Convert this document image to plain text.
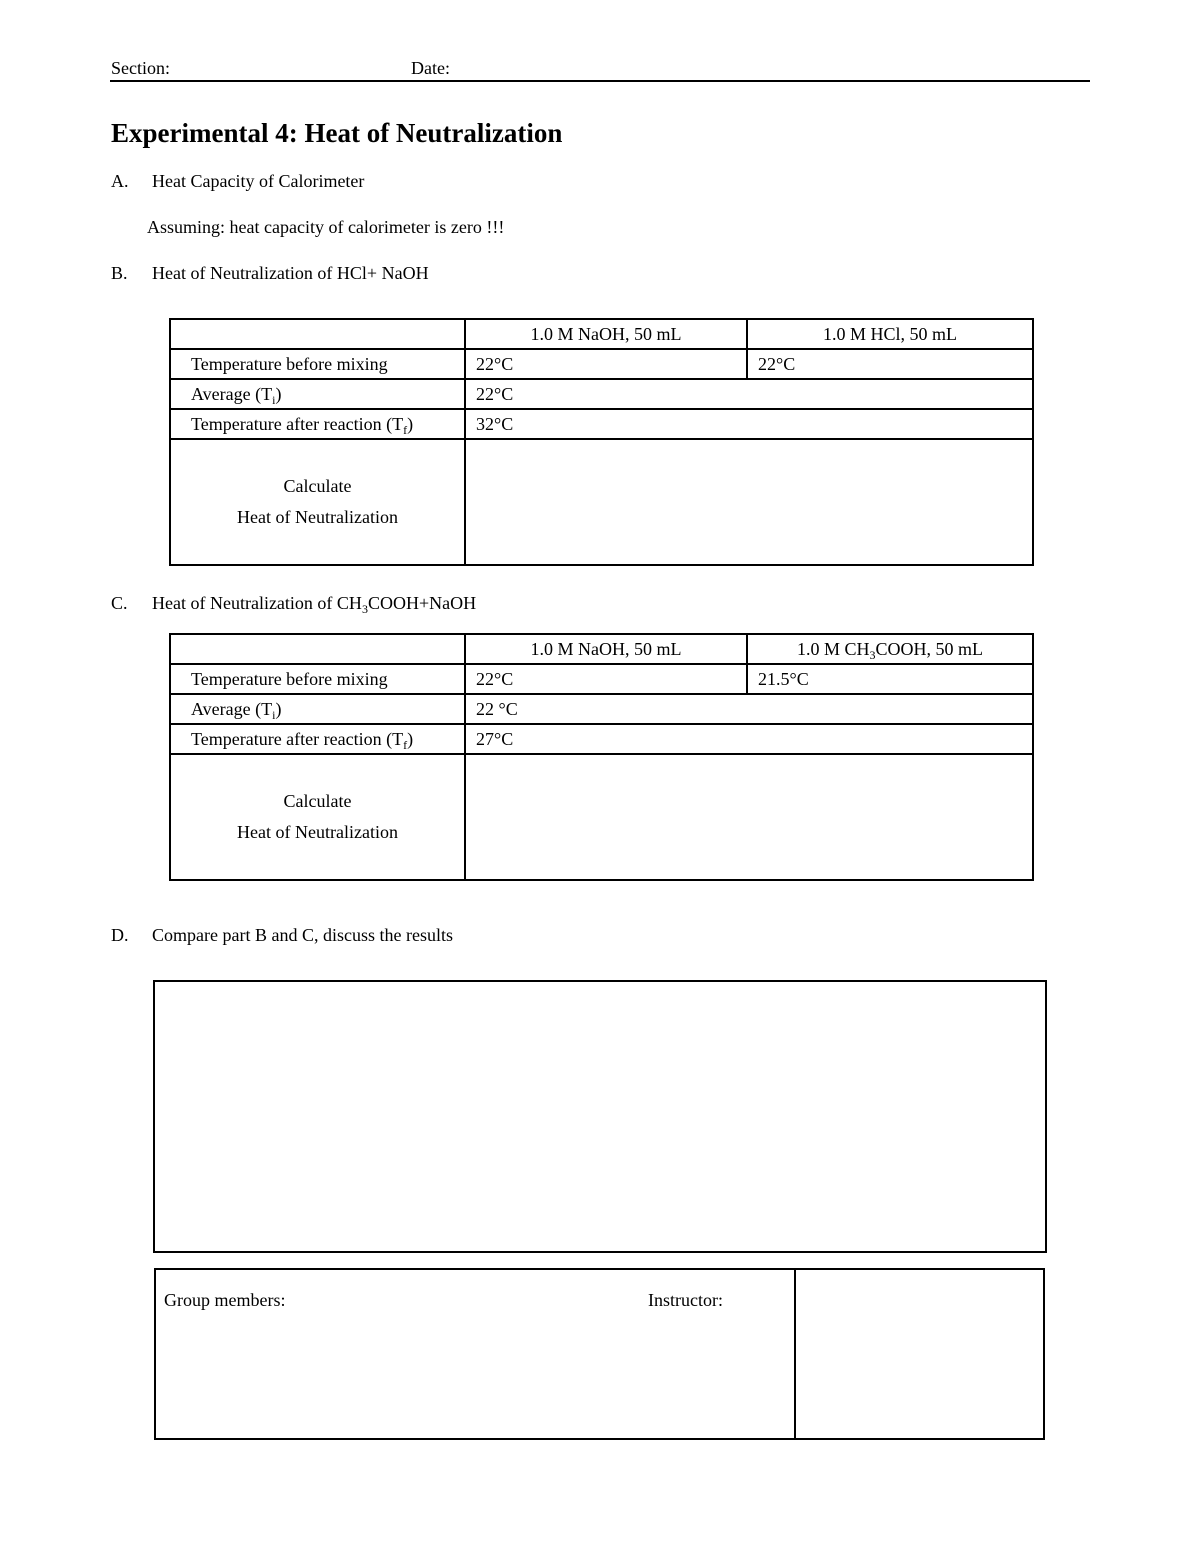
Section:	Date:
Experimental 4: Heat of Neutralization
A. Heat Capacity of Calorimeter
Assuming: heat capacity of calorimeter is zero !!!
B. Heat of Neutralization of HCl+ NaOH
	1.0 M NaOH, 50 mL	1.0 M HCl, 50 mL
Temperature before mixing	22°C	22°C
Average $(T_i)$	22°C	
Temperature after reaction $(T_f)$	32°C	
Calculate
Heat of Neutralization		
C. Heat of Neutralization of $CH_3COOH+NaOH$
	1.0 M NaOH, 50 mL	1.0 M $CH_3COOH$, 50 mL
Temperature before mixing	22°C	21.5°C
Average $(T_i)$	22 °C	
Temperature after reaction $(T_f)$	27°C	
Calculate
Heat of Neutralization		
D. Compare part B and C, discuss the results
Group members:	Instructor:
